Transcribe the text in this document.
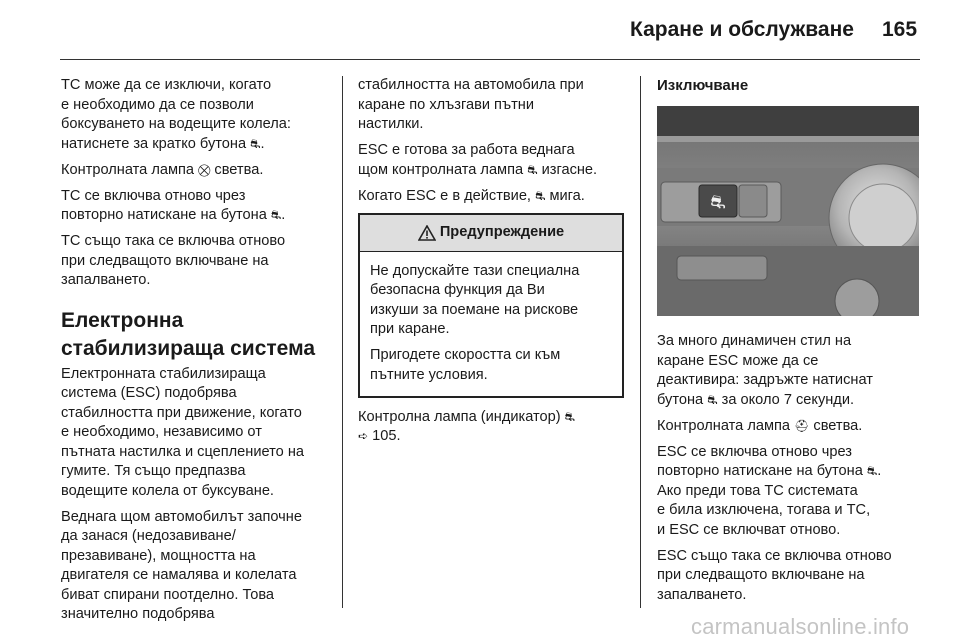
Каране и обслужване 165

ТС може да се изключи, когато
е необходимо да се позволи
боксуването на водещите колела:
натиснете за кратко бутона ⛐.

Контролната лампа ⛒ светва.

ТС се включва отново чрез
повторно натискане на бутона ⛐.

ТС също така се включва отново
при следващото включване на
запалването.

Електронна
стабилизираща система

Електронната стабилизираща
система (ESC) подобрява
стабилността при движение, когато
е необходимо, независимо от
пътната настилка и сцеплението на
гумите. Тя също предпазва
водещите колела от буксуване.

Веднага щом автомобилът започне
да занася (недозавиване/
презавиване), мощността на
двигателя се намалява и колелата
биват спирани поотделно. Това
значително подобрява

стабилността на автомобила при
каране по хлъзгави пътни
настилки.

ESC е готова за работа веднага
щом контролната лампа ⛐ изгасне.

Когато ESC е в действие, ⛐ мига.

Предупреждение

Не допускайте тази специална
безопасна функция да Ви
изкуши за поемане на рискове
при каране.

Пригодете скоростта си към
пътните условия.

Контролна лампа (индикатор) ⛐
➪ 105.

Изключване
⛐

За много динамичен стил на
каране ESC може да се
деактивира: задръжте натиснат
бутона ⛐ за около 7 секунди.

Контролната лампа ⛑ светва.

ESC се включва отново чрез
повторно натискане на бутона ⛐.
Ако преди това ТС системата
е била изключена, тогава и ТС,
и ESC се включват отново.

ESC също така се включва отново
при следващото включване на
запалването.

carmanualsonline.info
